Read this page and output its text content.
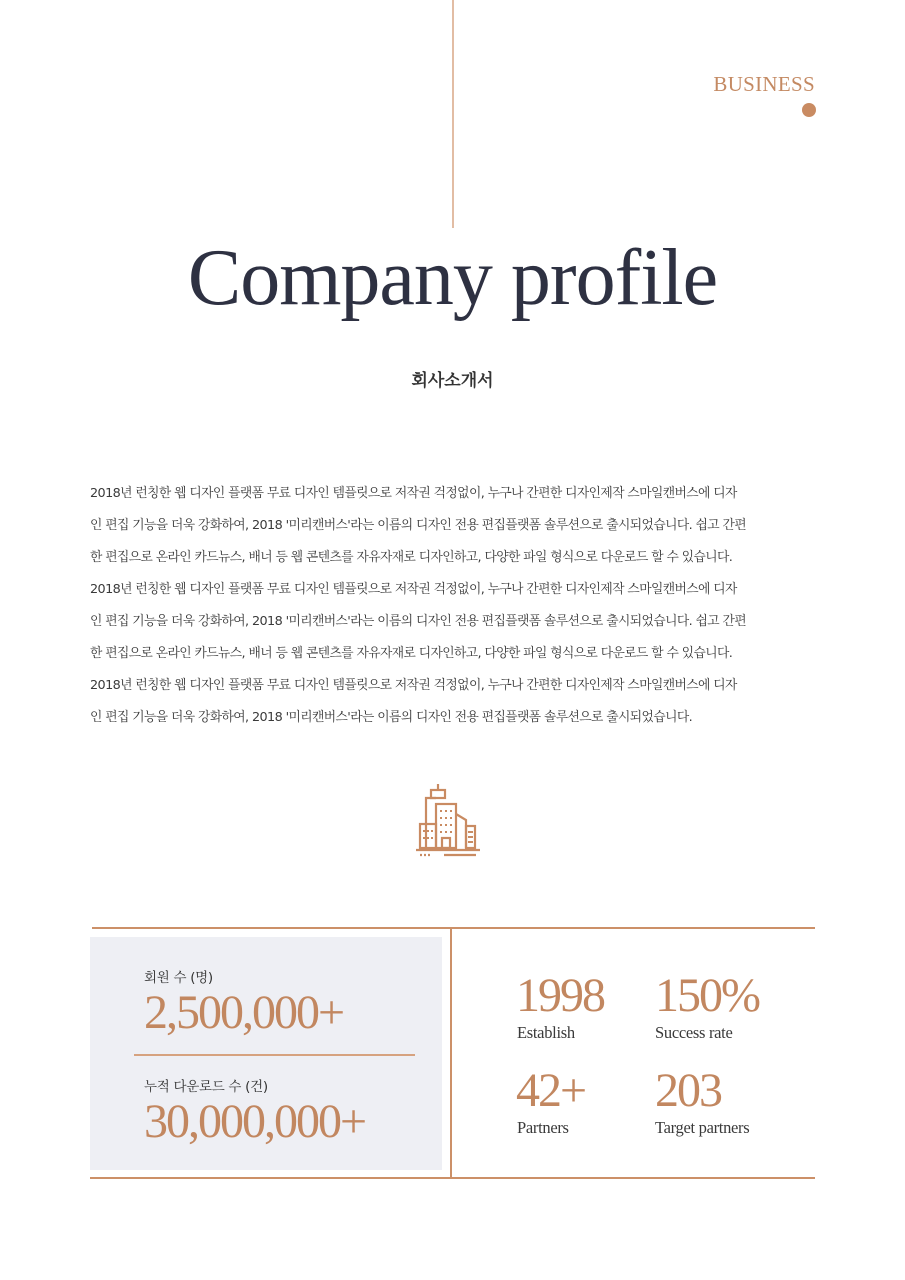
BUSINESS
Company profile
회사소개서

2018년 런칭한 웹 디자인 플랫폼 무료 디자인 템플릿으로 저작권 걱정없이, 누구나 간편한 디자인제작 스마일캔버스에 디자

인 편집 기능을 더욱 강화하여, 2018 '미리캔버스'라는 이름의 디자인 전용 편집플랫폼 솔루션으로 출시되었습니다. 쉽고 간편

한 편집으로 온라인 카드뉴스, 배너 등 웹 콘텐츠를 자유자재로 디자인하고, 다양한 파일 형식으로 다운로드 할 수 있습니다.

2018년 런칭한 웹 디자인 플랫폼 무료 디자인 템플릿으로 저작권 걱정없이, 누구나 간편한 디자인제작 스마일캔버스에 디자

인 편집 기능을 더욱 강화하여, 2018 '미리캔버스'라는 이름의 디자인 전용 편집플랫폼 솔루션으로 출시되었습니다. 쉽고 간편

한 편집으로 온라인 카드뉴스, 배너 등 웹 콘텐츠를 자유자재로 디자인하고, 다양한 파일 형식으로 다운로드 할 수 있습니다.

2018년 런칭한 웹 디자인 플랫폼 무료 디자인 템플릿으로 저작권 걱정없이, 누구나 간편한 디자인제작 스마일캔버스에 디자

인 편집 기능을 더욱 강화하여, 2018 '미리캔버스'라는 이름의 디자인 전용 편집플랫폼 솔루션으로 출시되었습니다.

회원 수 (명)
2,500,000+
누적 다운로드 수 (건)
30,000,000+
1998
Establish
150%
Success rate
42+
Partners
203
Target partners
